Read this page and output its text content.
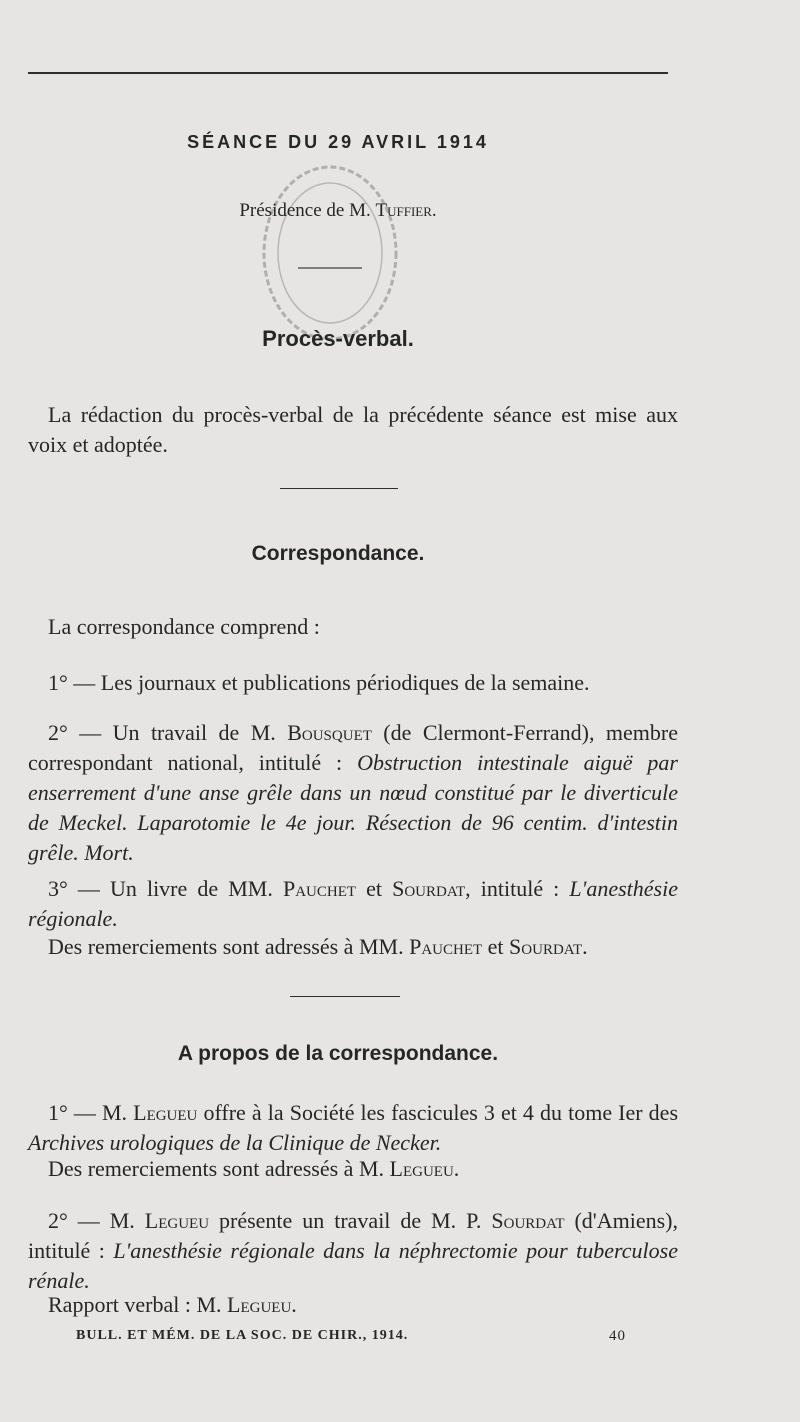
SÉANCE DU 29 AVRIL 1914
Présidence de M. Tuffier.
Procès-verbal.
La rédaction du procès-verbal de la précédente séance est mise aux voix et adoptée.
Correspondance.
La correspondance comprend :
1° — Les journaux et publications périodiques de la semaine.
2° — Un travail de M. Bousquet (de Clermont-Ferrand), membre correspondant national, intitulé : Obstruction intestinale aiguë par enserrement d'une anse grêle dans un nœud constitué par le diverticule de Meckel. Laparotomie le 4e jour. Résection de 96 centim. d'intestin grêle. Mort.
3° — Un livre de MM. Pauchet et Sourdat, intitulé : L'anesthésie régionale.
Des remerciements sont adressés à MM. Pauchet et Sourdat.
A propos de la correspondance.
1° — M. Legueu offre à la Société les fascicules 3 et 4 du tome Ier des Archives urologiques de la Clinique de Necker.
Des remerciements sont adressés à M. Legueu.
2° — M. Legueu présente un travail de M. P. Sourdat (d'Amiens), intitulé : L'anesthésie régionale dans la néphrectomie pour tuberculose rénale.
Rapport verbal : M. Legueu.
BULL. ET MÉM. DE LA SOC. DE CHIR., 1914.	40
